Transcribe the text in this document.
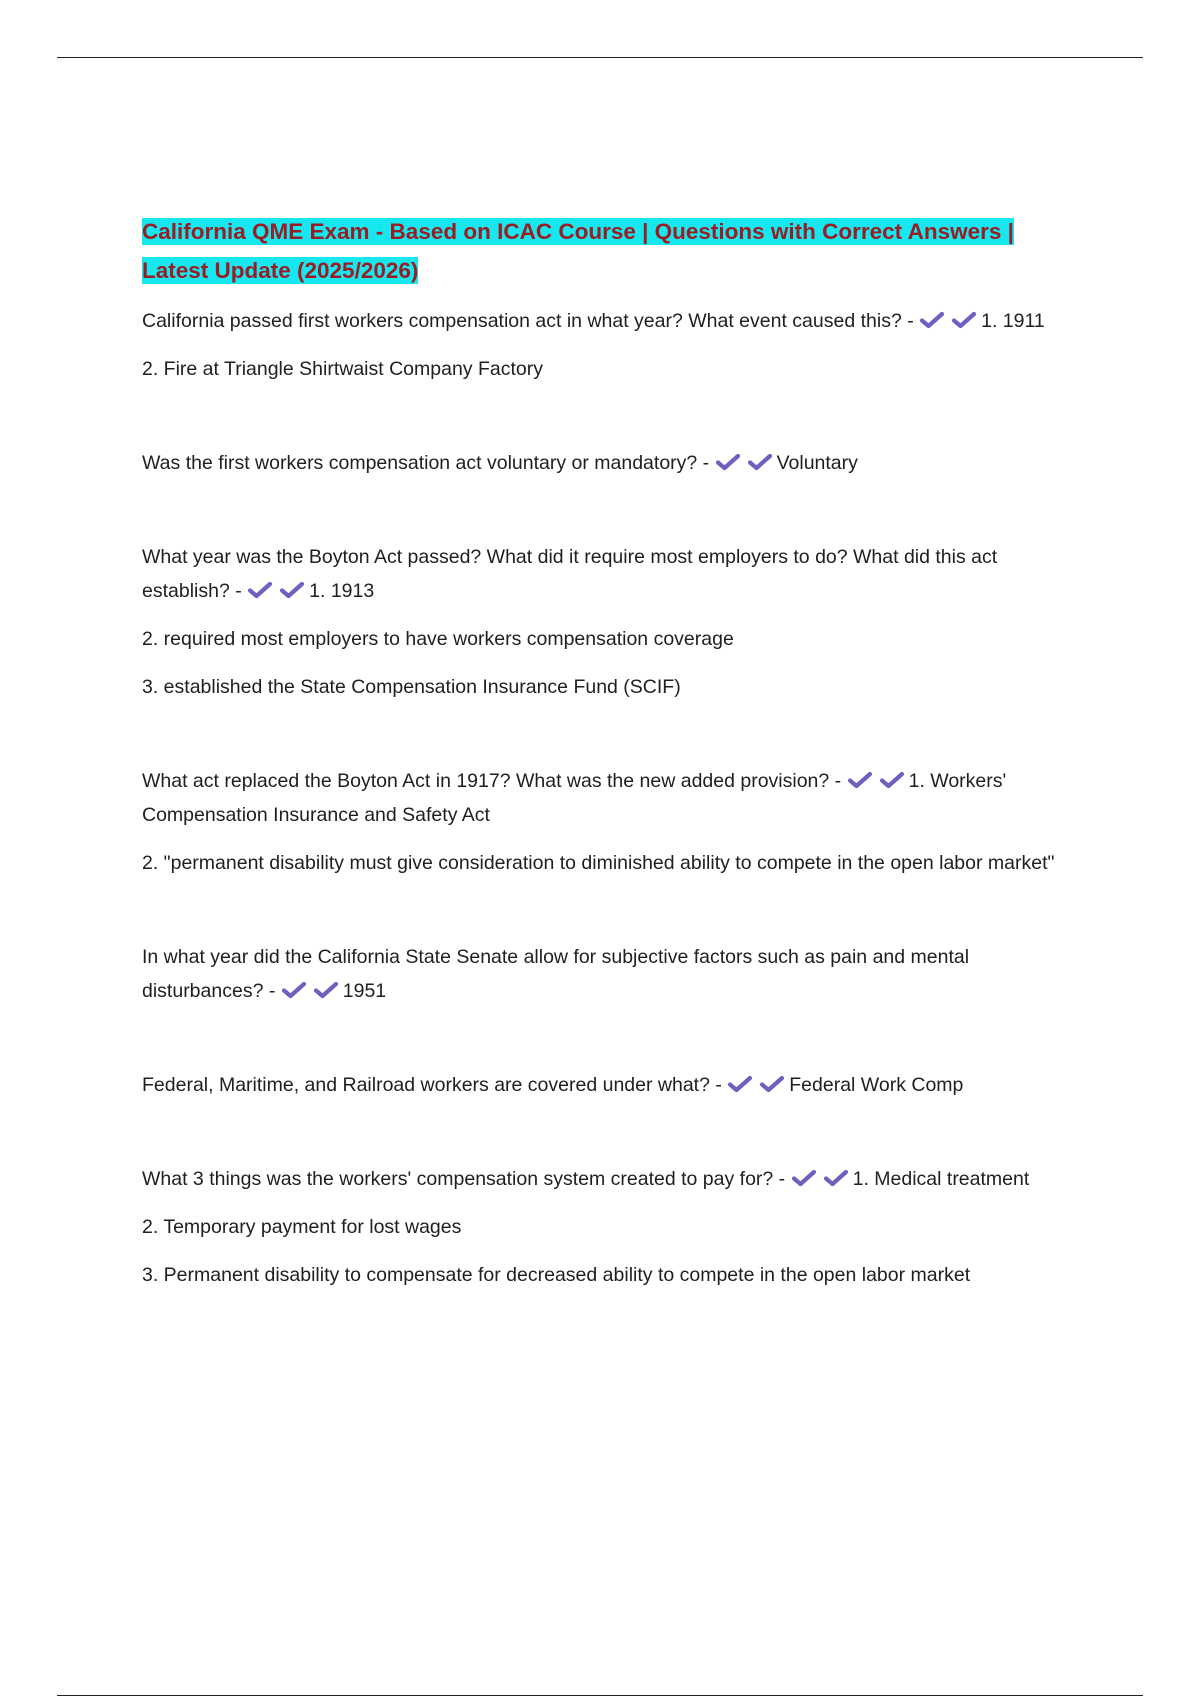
California QME Exam - Based on ICAC Course | Questions with Correct Answers | Latest Update (2025/2026)

California passed first workers compensation act in what year? What event caused this? -	1. 1911

2. Fire at Triangle Shirtwaist Company Factory

Was the first workers compensation act voluntary or mandatory? -	Voluntary

What year was the Boyton Act passed? What did it require most employers to do? What did this act establish? -	1. 1913

2. required most employers to have workers compensation coverage

3. established the State Compensation Insurance Fund (SCIF)

What act replaced the Boyton Act in 1917? What was the new added provision? -	1. Workers' Compensation Insurance and Safety Act

2. "permanent disability must give consideration to diminished ability to compete in the open labor market"

In what year did the California State Senate allow for subjective factors such as pain and mental disturbances? -	1951

Federal, Maritime, and Railroad workers are covered under what? -	Federal Work Comp

What 3 things was the workers' compensation system created to pay for? -	1. Medical treatment

2. Temporary payment for lost wages

3. Permanent disability to compensate for decreased ability to compete in the open labor market
